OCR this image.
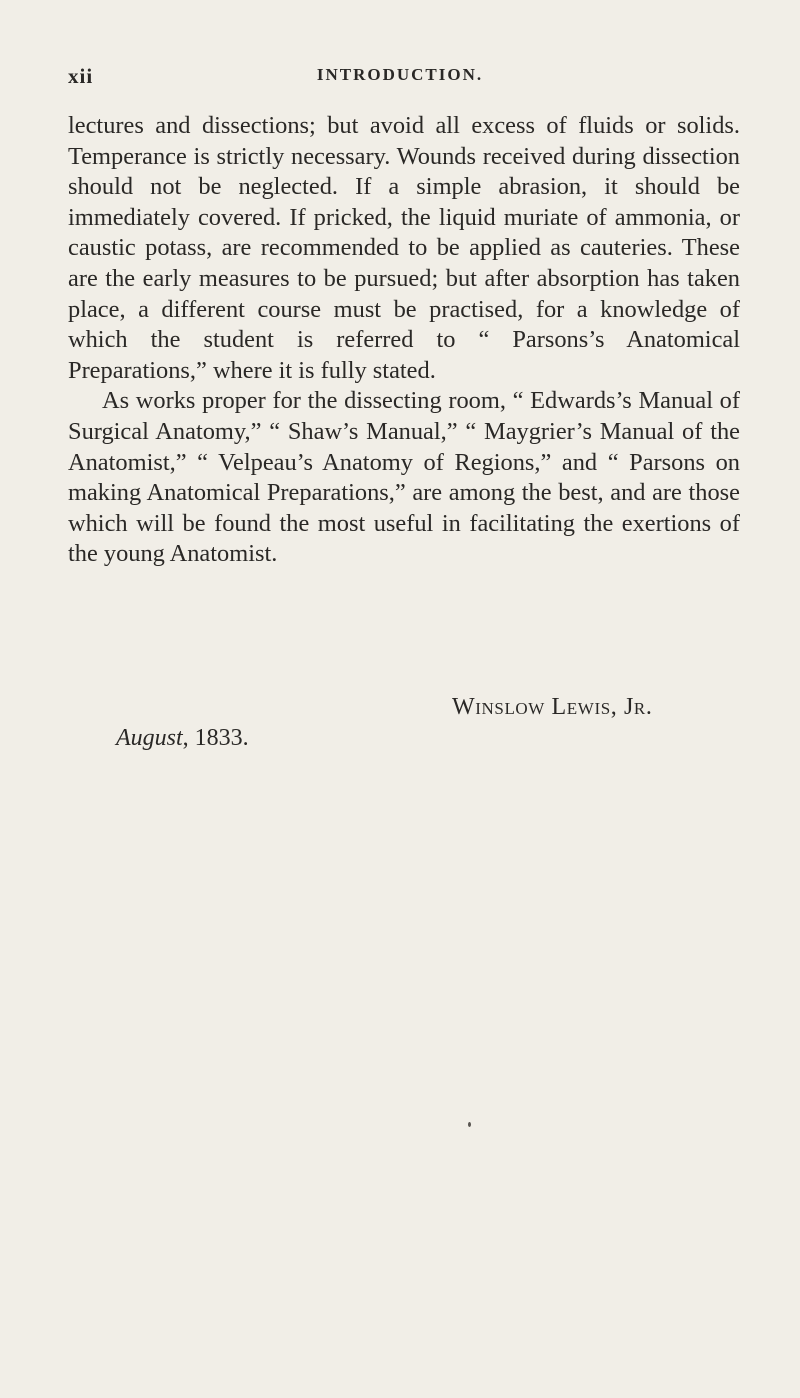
xii	INTRODUCTION.

lectures and dissections; but avoid all excess of fluids or solids. Temperance is strictly necessary. Wounds received during dissection should not be neglected. If a simple abrasion, it should be immediately covered. If pricked, the liquid muriate of ammonia, or caustic potass, are recommended to be applied as cauteries. These are the early measures to be pursued; but after absorption has taken place, a different course must be practised, for a knowledge of which the student is referred to “ Parsons’s Anatomical Preparations,” where it is fully stated.

As works proper for the dissecting room, “ Edwards’s Manual of Surgical Anatomy,” “ Shaw’s Manual,” “ Maygrier’s Manual of the Anatomist,” “ Velpeau’s Anatomy of Regions,” and “ Parsons on making Anatomical Preparations,” are among the best, and are those which will be found the most useful in facilitating the exertions of the young Anatomist.

Winslow Lewis, Jr.
August, 1833.
